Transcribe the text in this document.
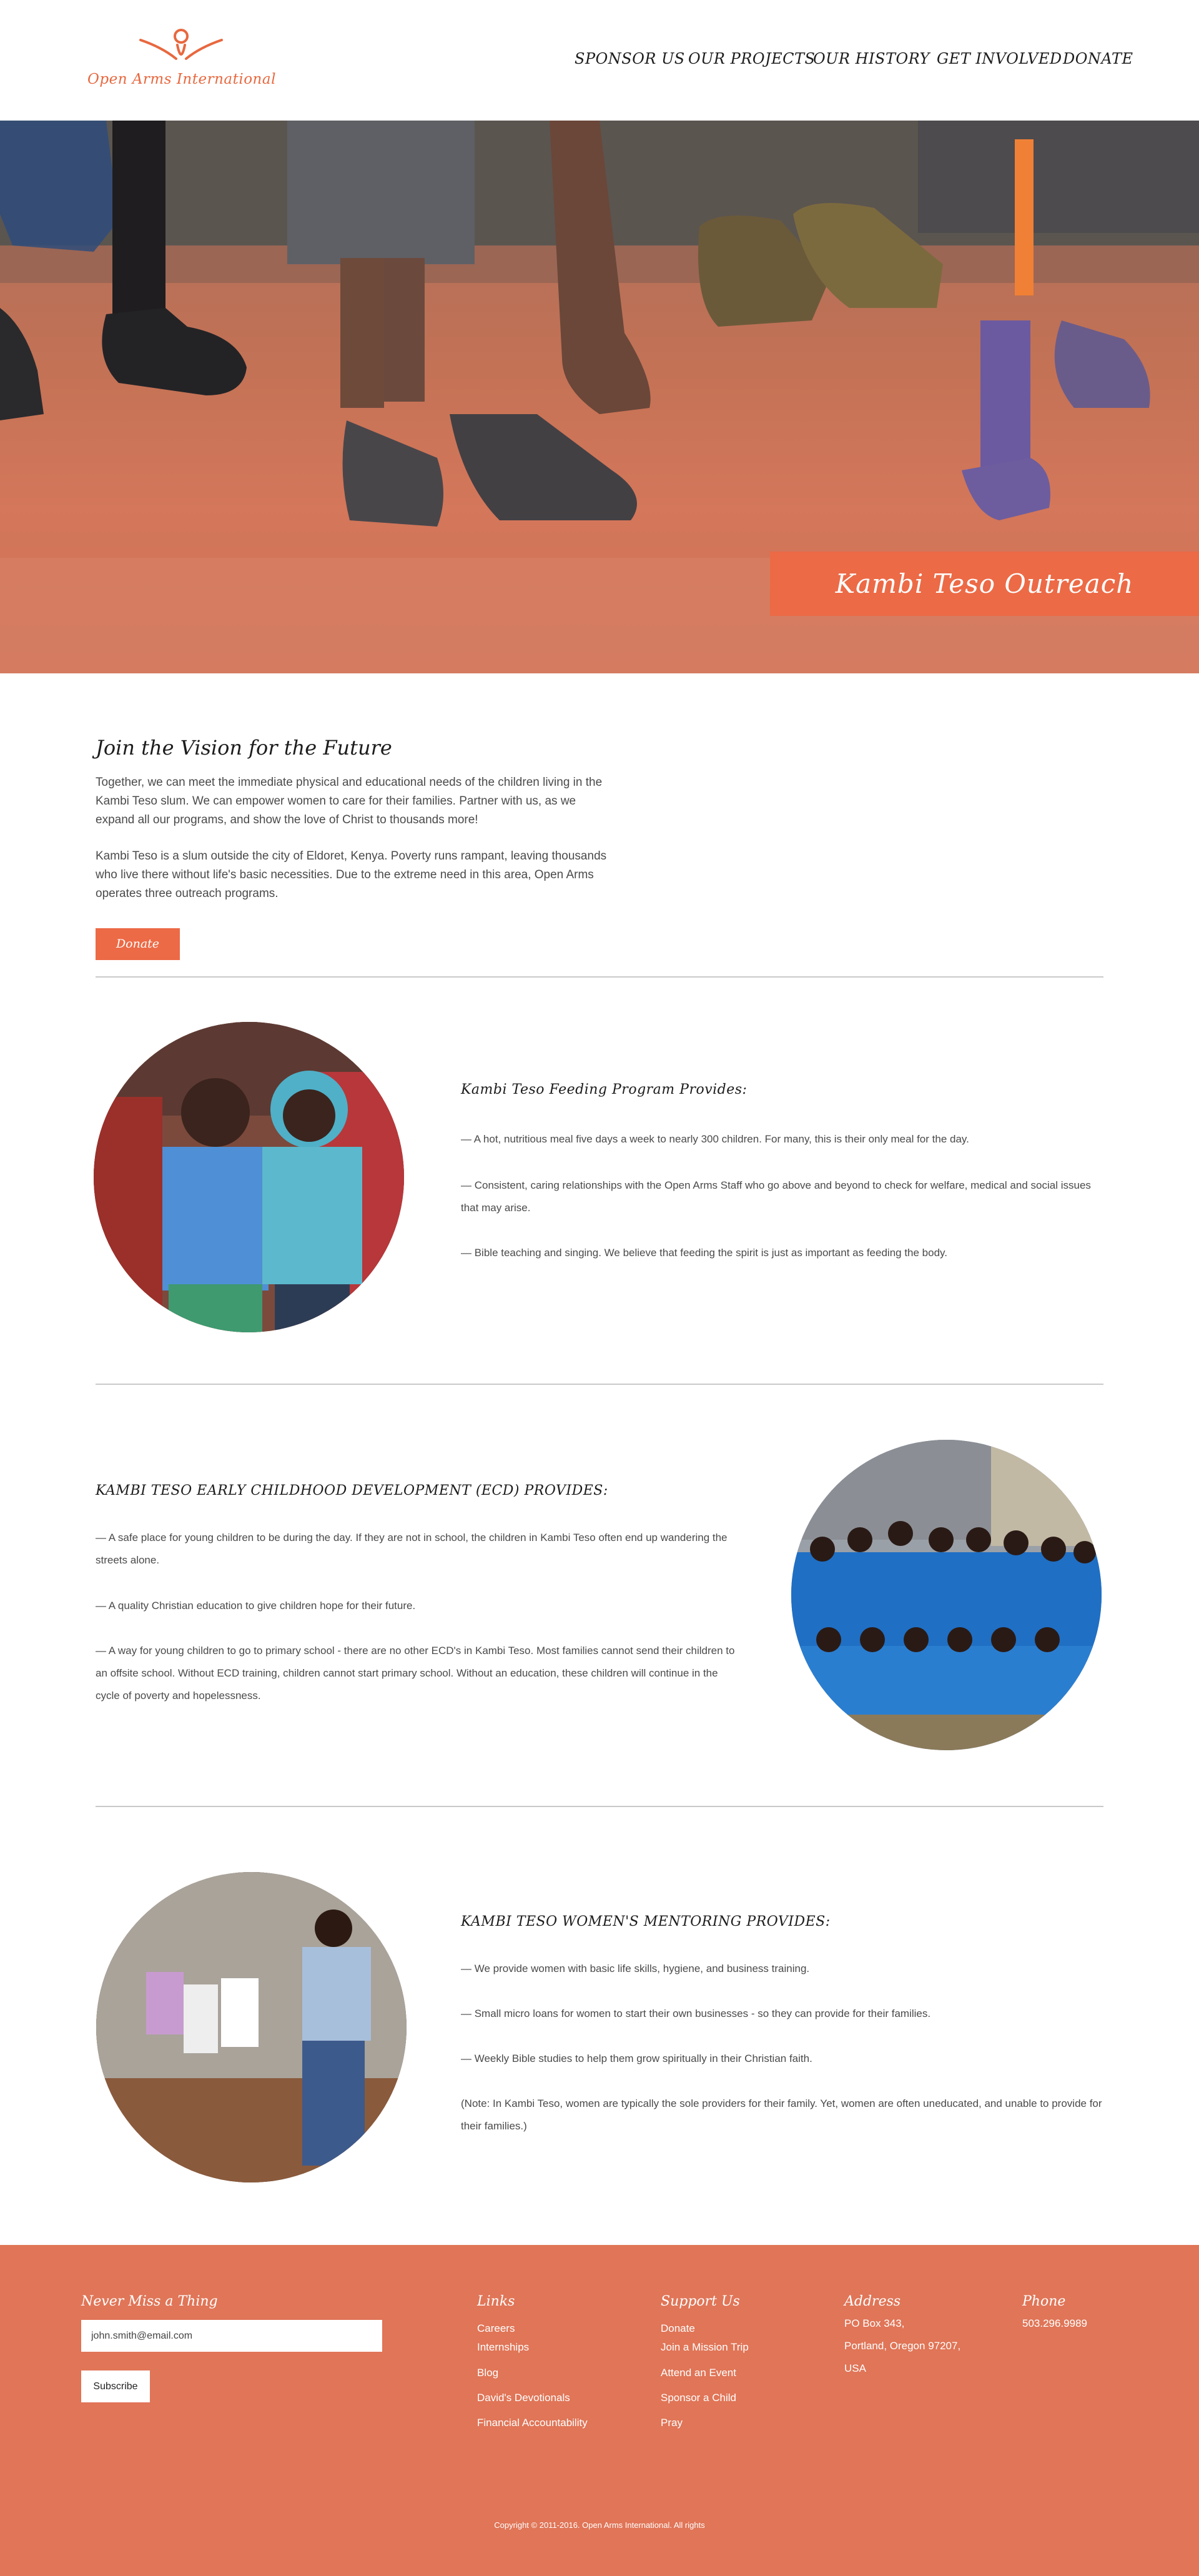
Open Arms International
SPONSOR US OUR PROJECTS
OUR HISTORY GET INVOLVED DONATE
Kambi Teso Outreach
Join the Vision for the Future

Together, we can meet the immediate physical and educational needs of the children living in the Kambi Teso slum. We can empower women to care for their families. Partner with us, as we expand all our programs, and show the love of Christ to thousands more!

Kambi Teso is a slum outside the city of Eldoret, Kenya. Poverty runs rampant, leaving thousands who live there without life's basic necessities. Due to the extreme need in this area, Open Arms operates three outreach programs.

Donate
Kambi Teso Feeding Program Provides:
— A hot, nutritious meal five days a week to nearly 300 children. For many, this is their only meal for the day.
— Consistent, caring relationships with the Open Arms Staff who go above and beyond to check for welfare, medical and social issues that may arise.
— Bible teaching and singing. We believe that feeding the spirit is just as important as feeding the body.
KAMBI TESO EARLY CHILDHOOD DEVELOPMENT (ECD) PROVIDES:
— A safe place for young children to be during the day. If they are not in school, the children in Kambi Teso often end up wandering the streets alone.
— A quality Christian education to give children hope for their future.
— A way for young children to go to primary school - there are no other ECD's in Kambi Teso. Most families cannot send their children to an offsite school. Without ECD training, children cannot start primary school. Without an education, these children will continue in the cycle of poverty and hopelessness.
KAMBI TESO WOMEN'S MENTORING PROVIDES:
— We provide women with basic life skills, hygiene, and business training.
— Small micro loans for women to start their own businesses - so they can provide for their families.
— Weekly Bible studies to help them grow spiritually in their Christian faith.
(Note: In Kambi Teso, women are typically the sole providers for their family. Yet, women are often uneducated, and unable to provide for their families.)
Never Miss a Thing
john.smith@email.com
Subscribe
Links
Careers
Internships
Blog
David's Devotionals
Financial Accountability
Support Us
Donate
Join a Mission Trip
Attend an Event
Sponsor a Child
Pray
Address
PO Box 343,
Portland, Oregon 97207,
USA
Phone
503.296.9989
Copyright © 2011-2016. Open Arms International. All rights
